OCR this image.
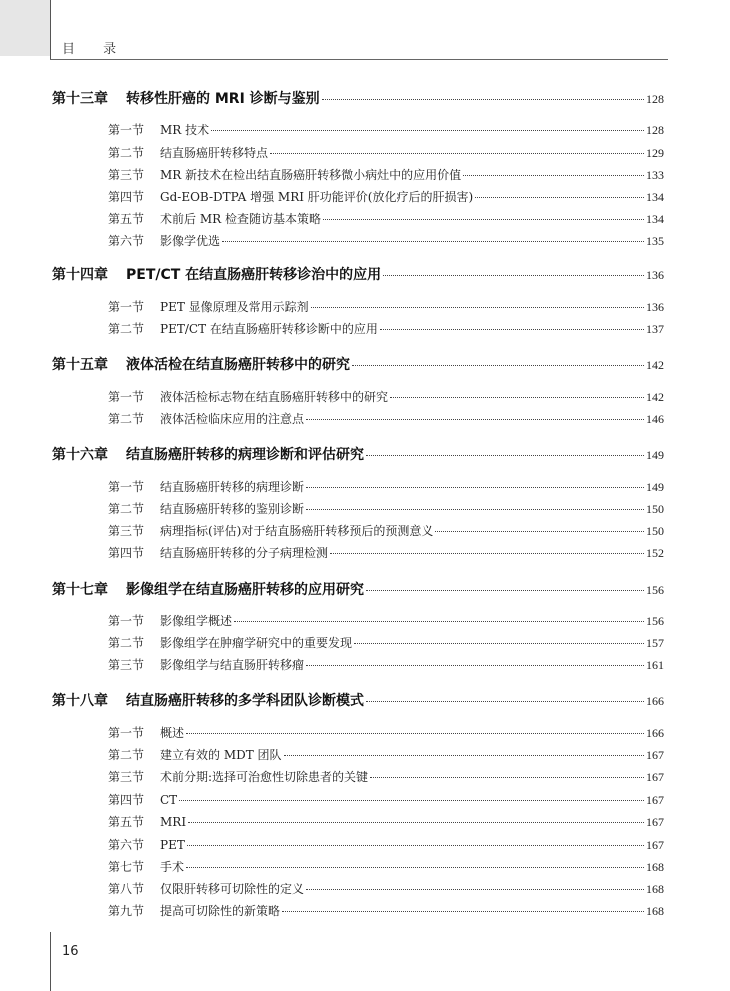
目 录
第十三章	转移性肝癌的 MRI 诊断与鉴别	128
第一节	MR 技术	128
第二节	结直肠癌肝转移特点	129
第三节	MR 新技术在检出结直肠癌肝转移微小病灶中的应用价值	133
第四节	Gd-EOB-DTPA 增强 MRI 肝功能评价(放化疗后的肝损害)	134
第五节	术前后 MR 检查随访基本策略	134
第六节	影像学优选	135
第十四章	PET/CT 在结直肠癌肝转移诊治中的应用	136
第一节	PET 显像原理及常用示踪剂	136
第二节	PET/CT 在结直肠癌肝转移诊断中的应用	137
第十五章	液体活检在结直肠癌肝转移中的研究	142
第一节	液体活检标志物在结直肠癌肝转移中的研究	142
第二节	液体活检临床应用的注意点	146
第十六章	结直肠癌肝转移的病理诊断和评估研究	149
第一节	结直肠癌肝转移的病理诊断	149
第二节	结直肠癌肝转移的鉴别诊断	150
第三节	病理指标(评估)对于结直肠癌肝转移预后的预测意义	150
第四节	结直肠癌肝转移的分子病理检测	152
第十七章	影像组学在结直肠癌肝转移的应用研究	156
第一节	影像组学概述	156
第二节	影像组学在肿瘤学研究中的重要发现	157
第三节	影像组学与结直肠肝转移瘤	161
第十八章	结直肠癌肝转移的多学科团队诊断模式	166
第一节	概述	166
第二节	建立有效的 MDT 团队	167
第三节	术前分期:选择可治愈性切除患者的关键	167
第四节	CT	167
第五节	MRI	167
第六节	PET	167
第七节	手术	168
第八节	仅限肝转移可切除性的定义	168
第九节	提高可切除性的新策略	168
16
